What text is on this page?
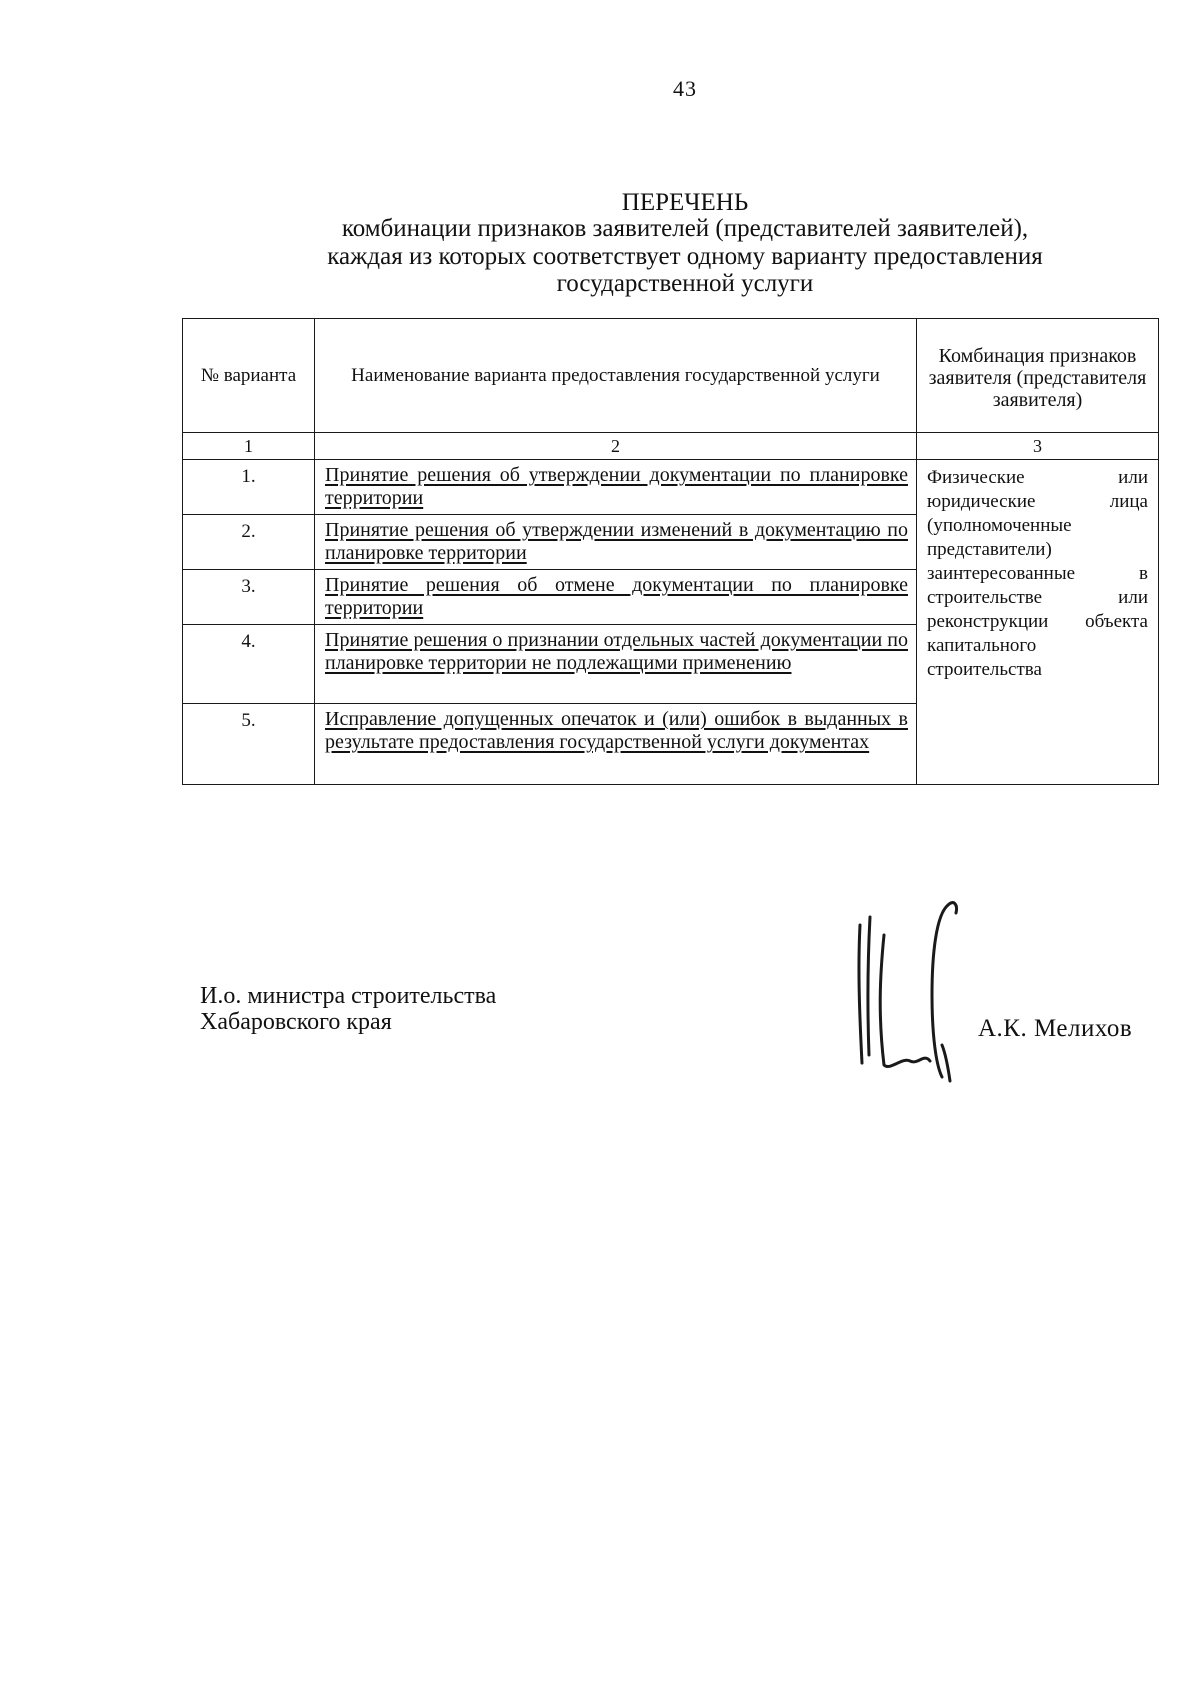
43
ПЕРЕЧЕНЬ
комбинации признаков заявителей (представителей заявителей),
каждая из которых соответствует одному варианту предоставления
государственной услуги
№ варианта	Наименование варианта предоставления государственной услуги	Комбинация признаков заявителя (представителя заявителя)
1	2	3
1.	Принятие решения об утверждении документации по планировке территории	Физические или юридические лица (уполномоченные представители) заинтересованные в строительстве или реконструкции объекта капитального строительства
2.	Принятие решения об утверждении изменений в документацию по планировке территории	
3.	Принятие решения об отмене документации по планировке территории	
4.	Принятие решения о признании отдельных частей документации по планировке территории не подлежащими применению	
5.	Исправление допущенных опечаток и (или) ошибок в выданных в результате предоставления государственной услуги документах	
И.о. министра строительства
Хабаровского края	А.К. Мелихов
